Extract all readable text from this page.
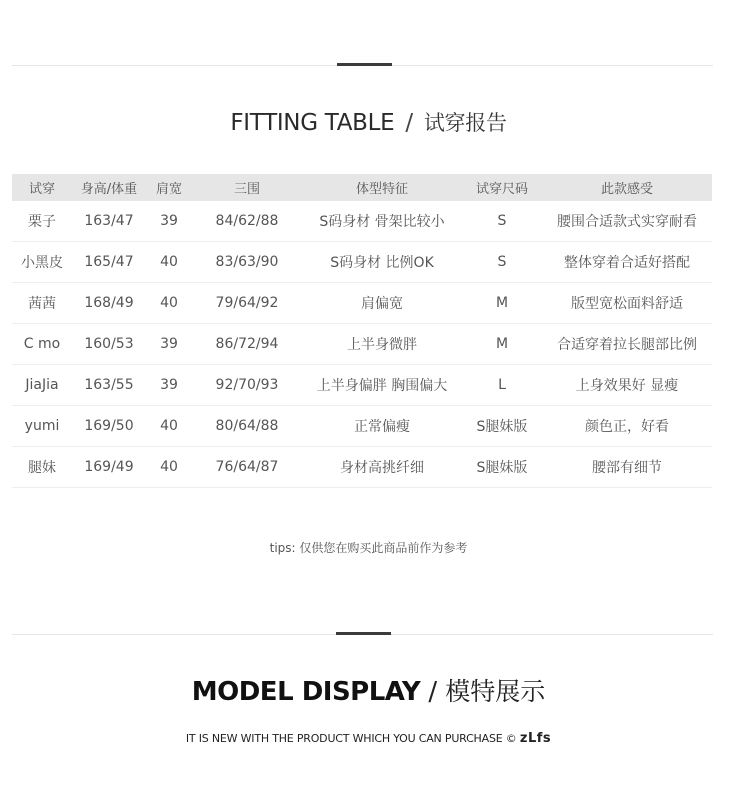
FITTING TABLE / 试穿报告
试穿	身高/体重	肩宽	三围	体型特征	试穿尺码	此款感受
栗子	163/47	39	84/62/88	S码身材 骨架比较小	S	腰围合适款式实穿耐看
小黑皮	165/47	40	83/63/90	S码身材 比例OK	S	整体穿着合适好搭配
茜茜	168/49	40	79/64/92	肩偏宽	M	版型宽松面料舒适
C mo	160/53	39	86/72/94	上半身微胖	M	合适穿着拉长腿部比例
JiaJia	163/55	39	92/70/93	上半身偏胖 胸围偏大	L	上身效果好 显瘦
yumi	169/50	40	80/64/88	正常偏瘦	S腿妹版	颜色正，好看
腿妹	169/49	40	76/64/87	身材高挑纤细	S腿妹版	腰部有细节
tips: 仅供您在购买此商品前作为参考
MODEL DISPLAY / 模特展示
IT IS NEW WITH THE PRODUCT WHICH YOU CAN PURCHASE © zLfs
